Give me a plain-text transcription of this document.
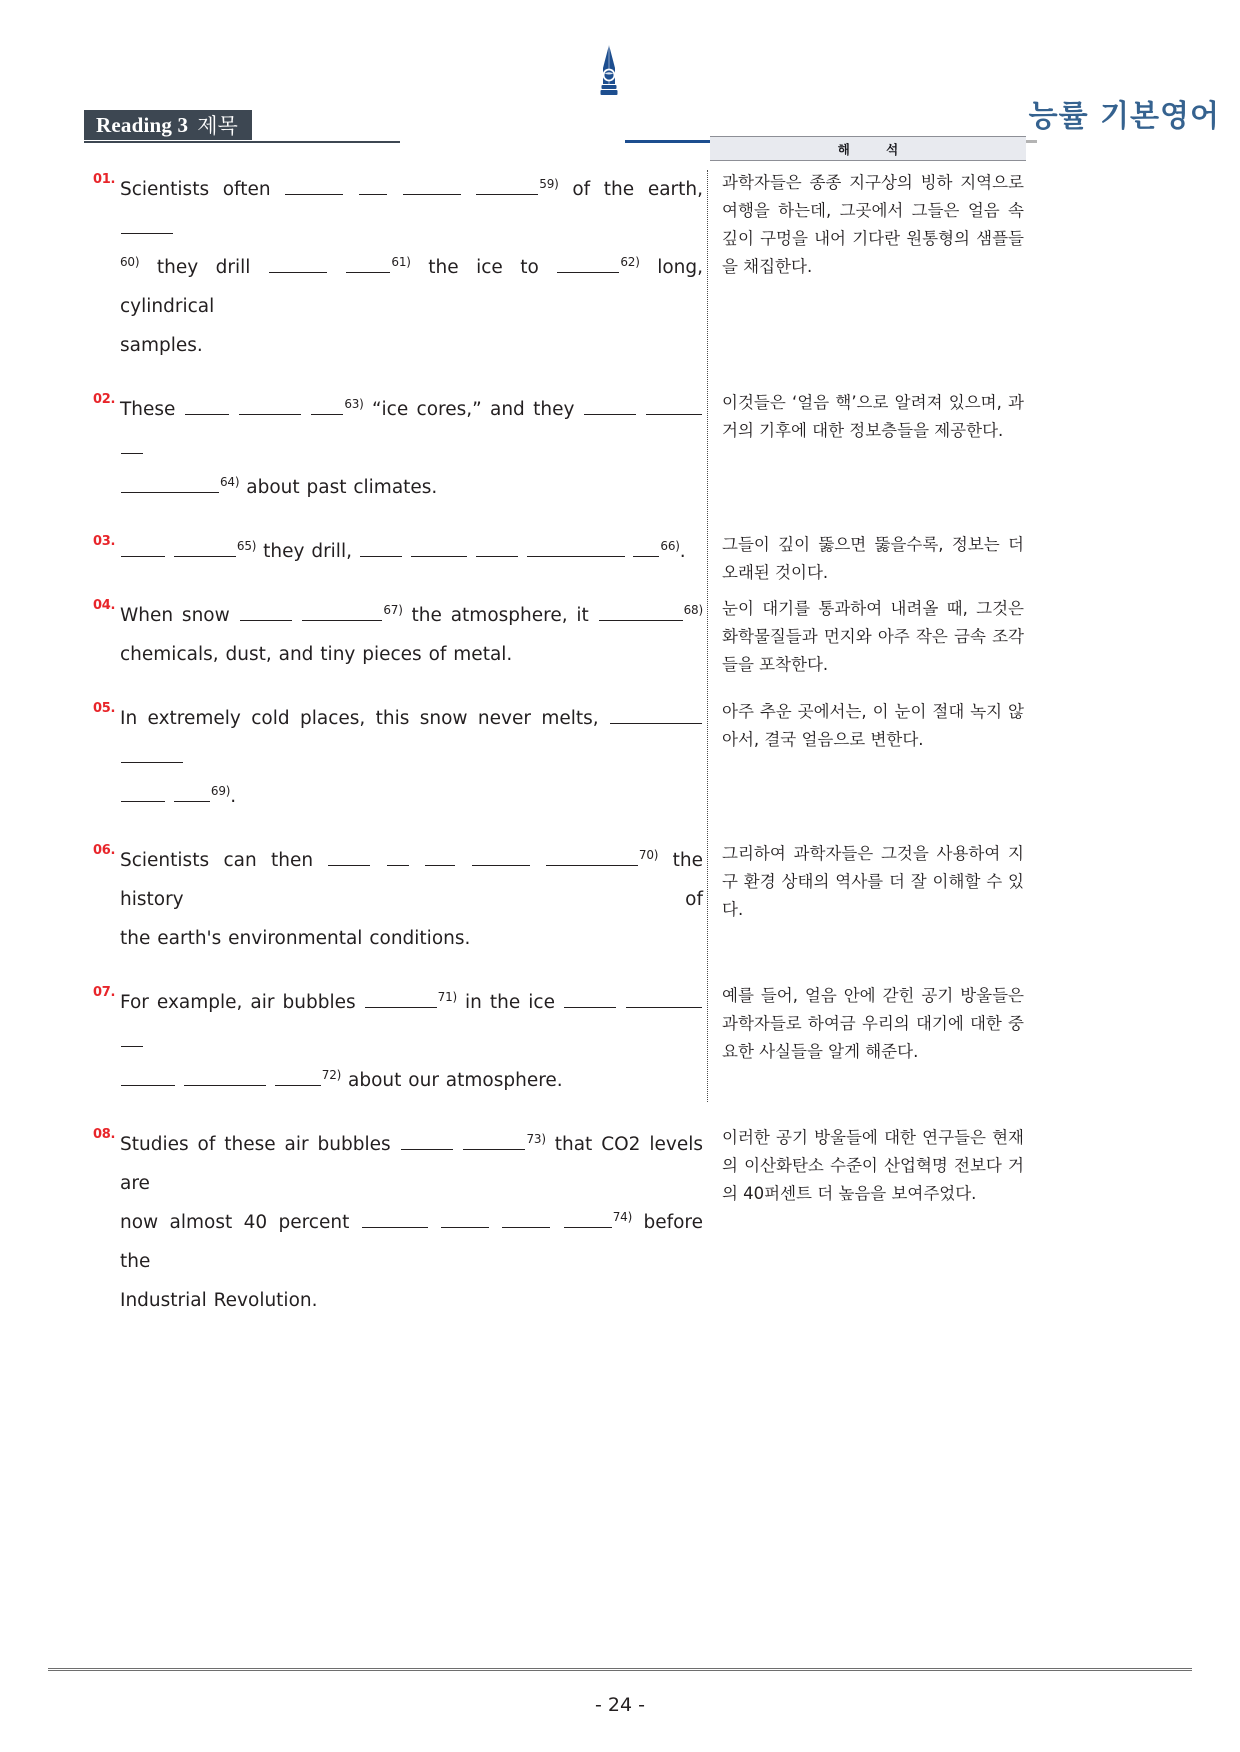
능률 기본영어
Reading 3 제목
해 석
01. Scientists often	$^{59)}$ of the earth,
$^{60)}$ they drill	$^{61)}$ the ice to	$^{62)}$ long, cylindrical
samples.
과학자들은 종종 지구상의 빙하 지역으로 여행을 하는데, 그곳에서 그들은 얼음 속 깊이 구멍을 내어 기다란 원통형의 샘플들을 채집한다.
02. These	$^{63)}$ “ice cores,” and they
$^{64)}$ about past climates.
이것들은 ‘얼음 핵’으로 알려져 있으며, 과거의 기후에 대한 정보층들을 제공한다.
03.	$^{65)}$ they drill,	$^{66)}$.	그들이 깊이 뚫으면 뚫을수록, 정보는 더 오래된 것이다.
04. When snow	$^{67)}$ the atmosphere, it	$^{68)}$
chemicals, dust, and tiny pieces of metal.
눈이 대기를 통과하여 내려올 때, 그것은 화학물질들과 먼지와 아주 작은 금속 조각들을 포착한다.
05. In extremely cold places, this snow never melts,
$^{69)}$.
아주 추운 곳에서는, 이 눈이 절대 녹지 않아서, 결국 얼음으로 변한다.
06. Scientists can then	$^{70)}$ the history of
the earth's environmental conditions.
그리하여 과학자들은 그것을 사용하여 지구 환경 상태의 역사를 더 잘 이해할 수 있다.
07. For example, air bubbles	$^{71)}$ in the ice
$^{72)}$ about our atmosphere.
예를 들어, 얼음 안에 갇힌 공기 방울들은 과학자들로 하여금 우리의 대기에 대한 중요한 사실들을 알게 해준다.
08. Studies of these air bubbles	$^{73)}$ that CO2 levels are
now almost 40 percent	$^{74)}$ before the
Industrial Revolution.
이러한 공기 방울들에 대한 연구들은 현재의 이산화탄소 수준이 산업혁명 전보다 거의 40퍼센트 더 높음을 보여주었다.
- 24 -
